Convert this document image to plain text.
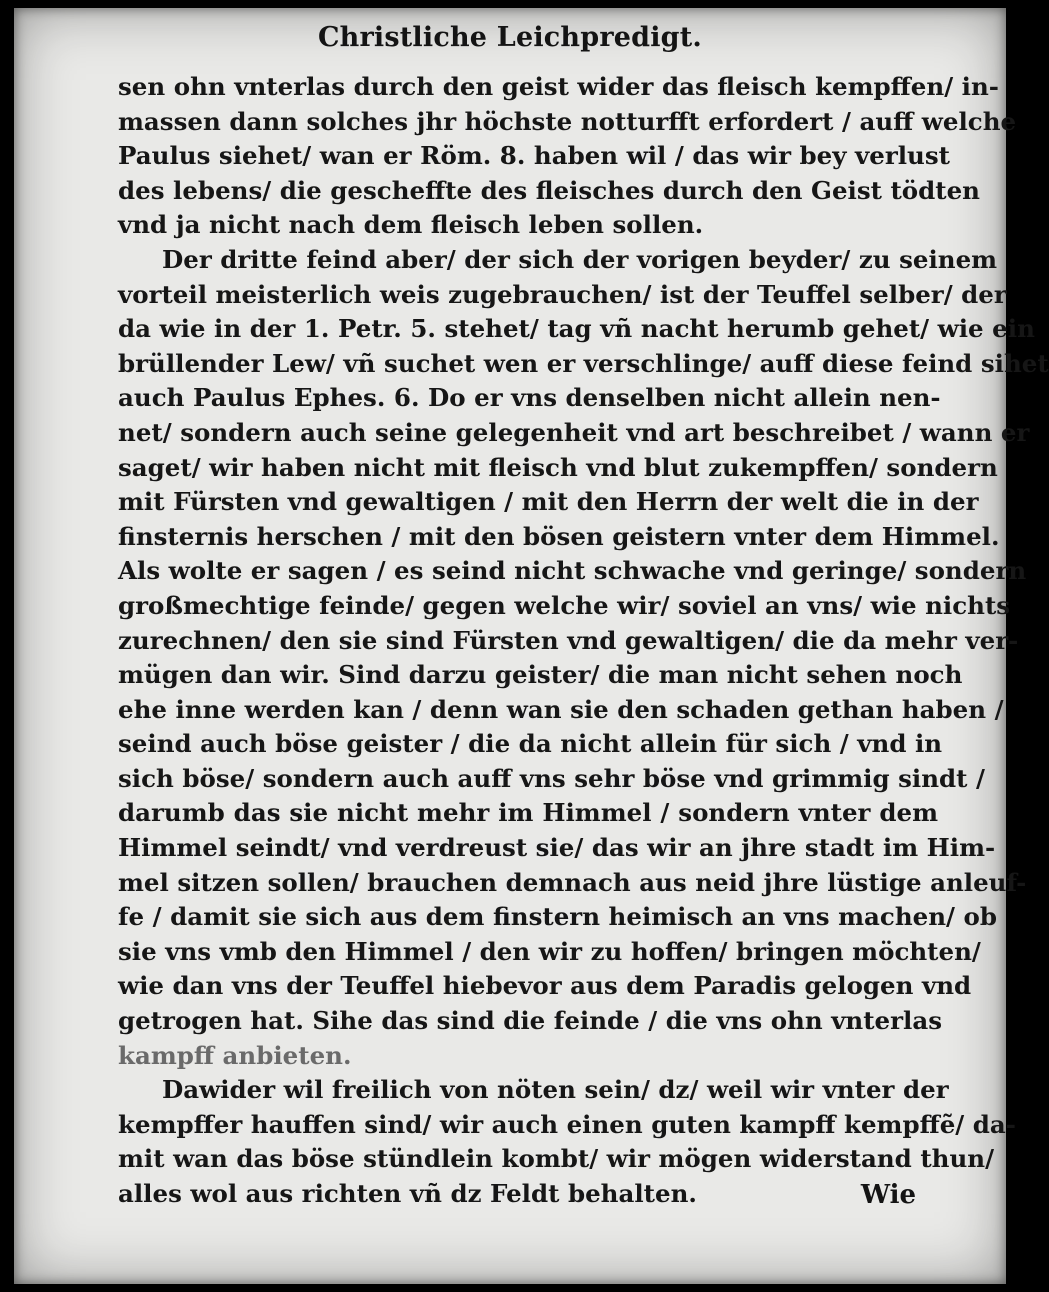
Christliche Leichpredigt.
sen ohn vnterlas durch den geist wider das fleisch kempffen/ in-
massen dann solches jhr höchste notturfft erfordert / auff welche
Paulus siehet/ wan er Röm. 8. haben wil / das wir bey verlust
des lebens/ die gescheffte des fleisches durch den Geist tödten
vnd ja nicht nach dem fleisch leben sollen.
Der dritte feind aber/ der sich der vorigen beyder/ zu seinem
vorteil meisterlich weis zugebrauchen/ ist der Teuffel selber/ der
da wie in der 1. Petr. 5. stehet/ tag vñ nacht herumb gehet/ wie ein
brüllender Lew/ vñ suchet wen er verschlinge/ auff diese feind sihet
auch Paulus Ephes. 6. Do er vns denselben nicht allein nen-
net/ sondern auch seine gelegenheit vnd art beschreibet / wann er
saget/ wir haben nicht mit fleisch vnd blut zukempffen/ sondern
mit Fürsten vnd gewaltigen / mit den Herrn der welt die in der
finsternis herschen / mit den bösen geistern vnter dem Himmel.
Als wolte er sagen / es seind nicht schwache vnd geringe/ sondern
großmechtige feinde/ gegen welche wir/ soviel an vns/ wie nichts
zurechnen/ den sie sind Fürsten vnd gewaltigen/ die da mehr ver-
mügen dan wir. Sind darzu geister/ die man nicht sehen noch
ehe inne werden kan / denn wan sie den schaden gethan haben /
seind auch böse geister / die da nicht allein für sich / vnd in
sich böse/ sondern auch auff vns sehr böse vnd grimmig sindt /
darumb das sie nicht mehr im Himmel / sondern vnter dem
Himmel seindt/ vnd verdreust sie/ das wir an jhre stadt im Him-
mel sitzen sollen/ brauchen demnach aus neid jhre lüstige anleuf-
fe / damit sie sich aus dem finstern heimisch an vns machen/ ob
sie vns vmb den Himmel / den wir zu hoffen/ bringen möchten/
wie dan vns der Teuffel hiebevor aus dem Paradis gelogen vnd
getrogen hat. Sihe das sind die feinde / die vns ohn vnterlas
kampff anbieten.
Dawider wil freilich von nöten sein/ dz/ weil wir vnter der
kempffer hauffen sind/ wir auch einen guten kampff kempffẽ/ da-
mit wan das böse stündlein kombt/ wir mögen widerstand thun/
alles wol aus richten vñ dz Feldt behalten.	Wie
